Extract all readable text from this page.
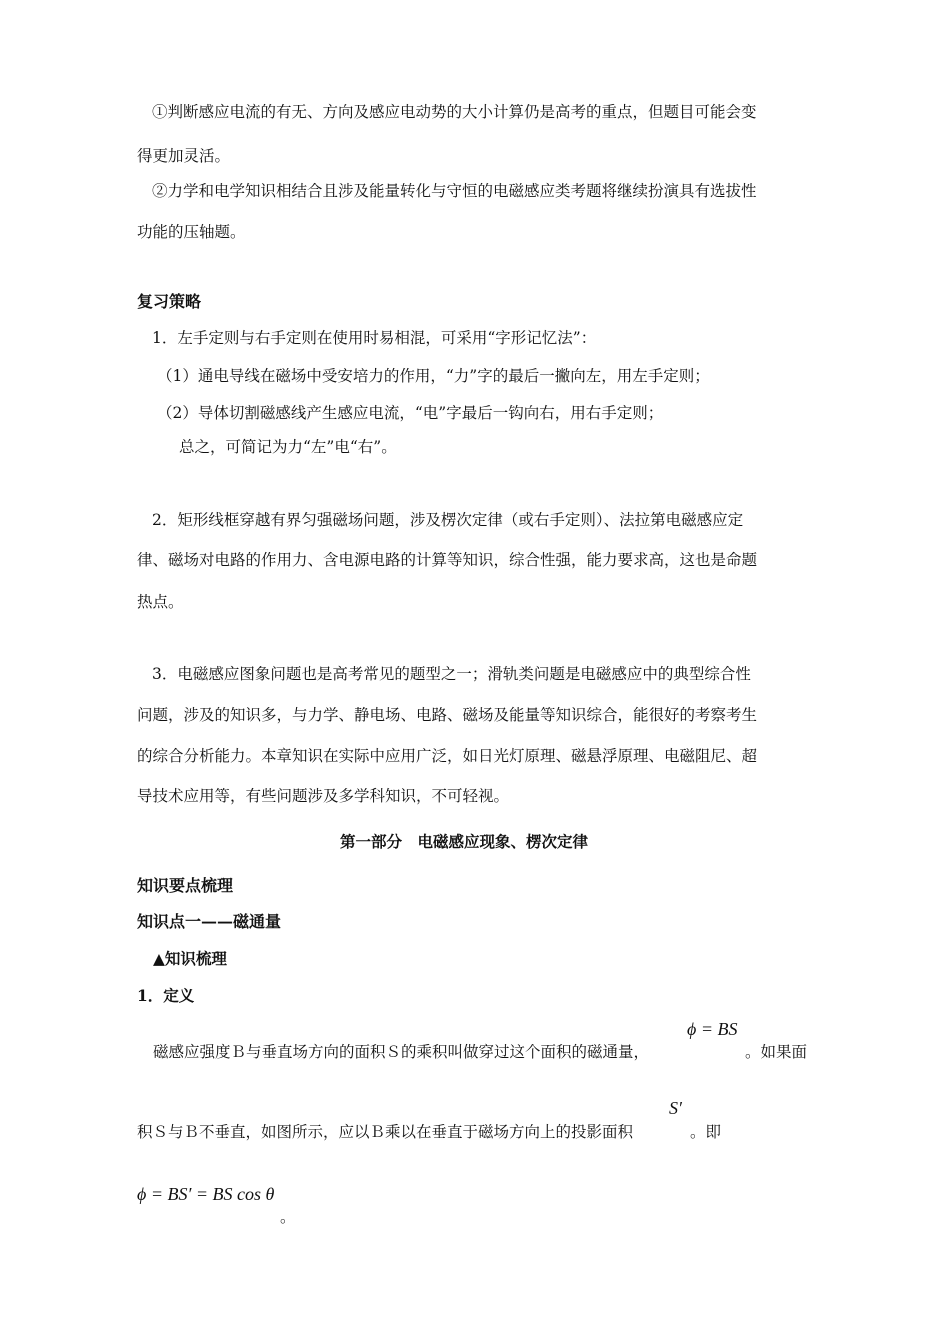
①判断感应电流的有无、方向及感应电动势的大小计算仍是高考的重点，但题目可能会变
得更加灵活。
②力学和电学知识相结合且涉及能量转化与守恒的电磁感应类考题将继续扮演具有选拔性
功能的压轴题。
复习策略
1．左手定则与右手定则在使用时易相混，可采用“字形记忆法”：
（1）通电导线在磁场中受安培力的作用，“力”字的最后一撇向左，用左手定则；
（2）导体切割磁感线产生感应电流，“电”字最后一钩向右，用右手定则；
总之，可简记为力“左”电“右”。
2．矩形线框穿越有界匀强磁场问题，涉及楞次定律（或右手定则）、法拉第电磁感应定
律、磁场对电路的作用力、含电源电路的计算等知识，综合性强，能力要求高，这也是命题
热点。
3．电磁感应图象问题也是高考常见的题型之一；滑轨类问题是电磁感应中的典型综合性
问题，涉及的知识多，与力学、静电场、电路、磁场及能量等知识综合，能很好的考察考生
的综合分析能力。本章知识在实际中应用广泛，如日光灯原理、磁悬浮原理、电磁阻尼、超
导技术应用等，有些问题涉及多学科知识，不可轻视。
第一部分　电磁感应现象、楞次定律
知识要点梳理
知识点一——磁通量
▲知识梳理
1．定义
ϕ = BS
磁感应强度Ｂ与垂直场方向的面积Ｓ的乘积叫做穿过这个面积的磁通量，	。如果面
S′
积Ｓ与Ｂ不垂直，如图所示，应以Ｂ乘以在垂直于磁场方向上的投影面积	。即
ϕ = BS′ = BS cos θ
。
